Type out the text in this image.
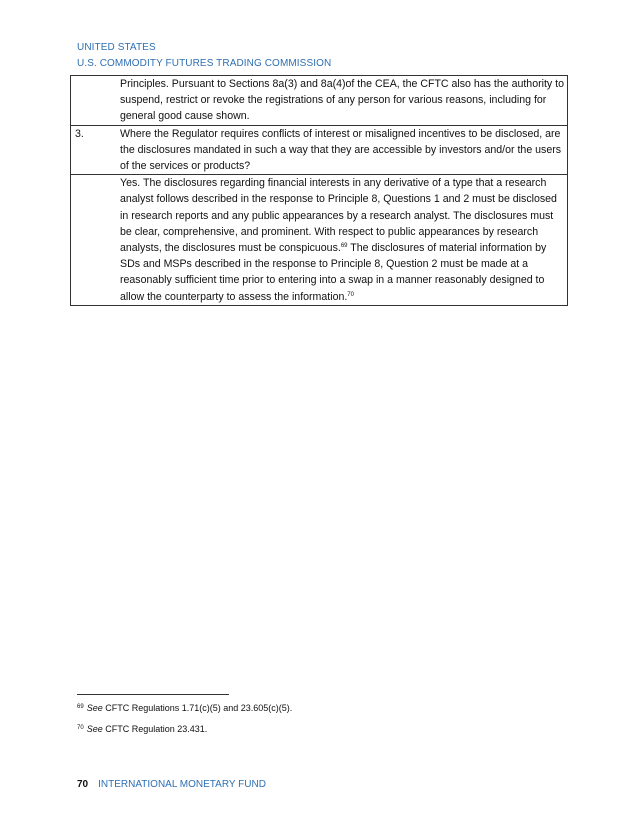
UNITED STATES
U.S. COMMODITY FUTURES TRADING COMMISSION
	Principles. Pursuant to Sections 8a(3) and 8a(4)of the CEA, the CFTC also has the authority to suspend, restrict or revoke the registrations of any person for various reasons, including for general good cause shown.
3.	Where the Regulator requires conflicts of interest or misaligned incentives to be disclosed, are the disclosures mandated in such a way that they are accessible by investors and/or the users of the services or products?
	Yes. The disclosures regarding financial interests in any derivative of a type that a research analyst follows described in the response to Principle 8, Questions 1 and 2 must be disclosed in research reports and any public appearances by a research analyst. The disclosures must be clear, comprehensive, and prominent. With respect to public appearances by research analysts, the disclosures must be conspicuous.$^{69}$ The disclosures of material information by SDs and MSPs described in the response to Principle 8, Question 2 must be made at a reasonably sufficient time prior to entering into a swap in a manner reasonably designed to allow the counterparty to assess the information.$^{70}$
$^{69}$ See CFTC Regulations 1.71(c)(5) and 23.605(c)(5).
$^{70}$ See CFTC Regulation 23.431.
70 INTERNATIONAL MONETARY FUND
